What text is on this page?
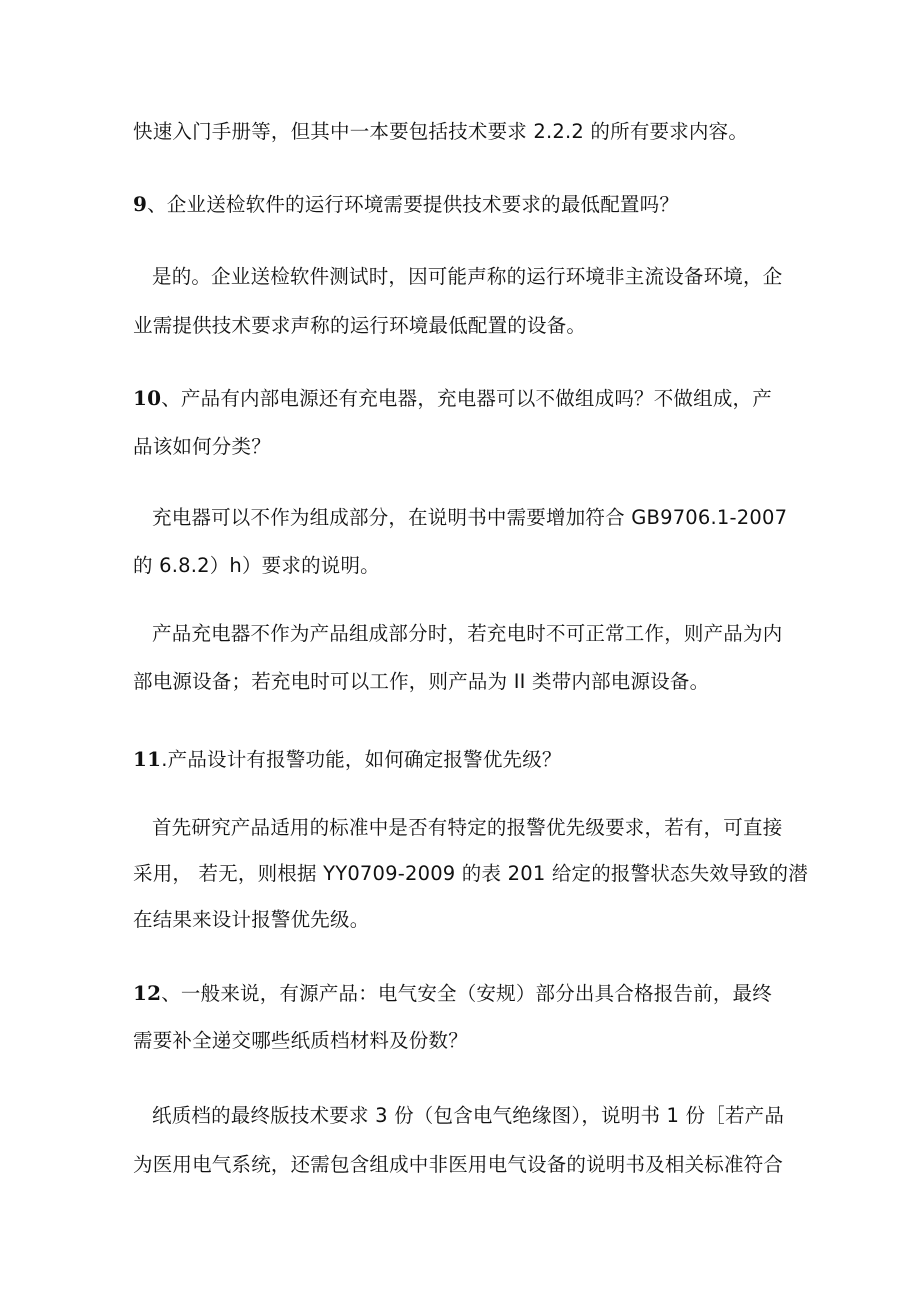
快速入门手册等，但其中一本要包括技术要求 2.2.2 的所有要求内容。
9、企业送检软件的运行环境需要提供技术要求的最低配置吗？
是的。企业送检软件测试时，因可能声称的运行环境非主流设备环境，企
业需提供技术要求声称的运行环境最低配置的设备。
10、产品有内部电源还有充电器，充电器可以不做组成吗？不做组成，产
品该如何分类？
充电器可以不作为组成部分，在说明书中需要增加符合 GB9706.1-2007
的 6.8.2）h）要求的说明。
产品充电器不作为产品组成部分时，若充电时不可正常工作，则产品为内
部电源设备；若充电时可以工作，则产品为 II 类带内部电源设备。
11.产品设计有报警功能，如何确定报警优先级？
首先研究产品适用的标准中是否有特定的报警优先级要求，若有，可直接
采用， 若无，则根据 YY0709-2009 的表 201 给定的报警状态失效导致的潜
在结果来设计报警优先级。
12、一般来说，有源产品：电气安全（安规）部分出具合格报告前，最终
需要补全递交哪些纸质档材料及份数？
纸质档的最终版技术要求 3 份（包含电气绝缘图），说明书 1 份［若产品
为医用电气系统，还需包含组成中非医用电气设备的说明书及相关标准符合
